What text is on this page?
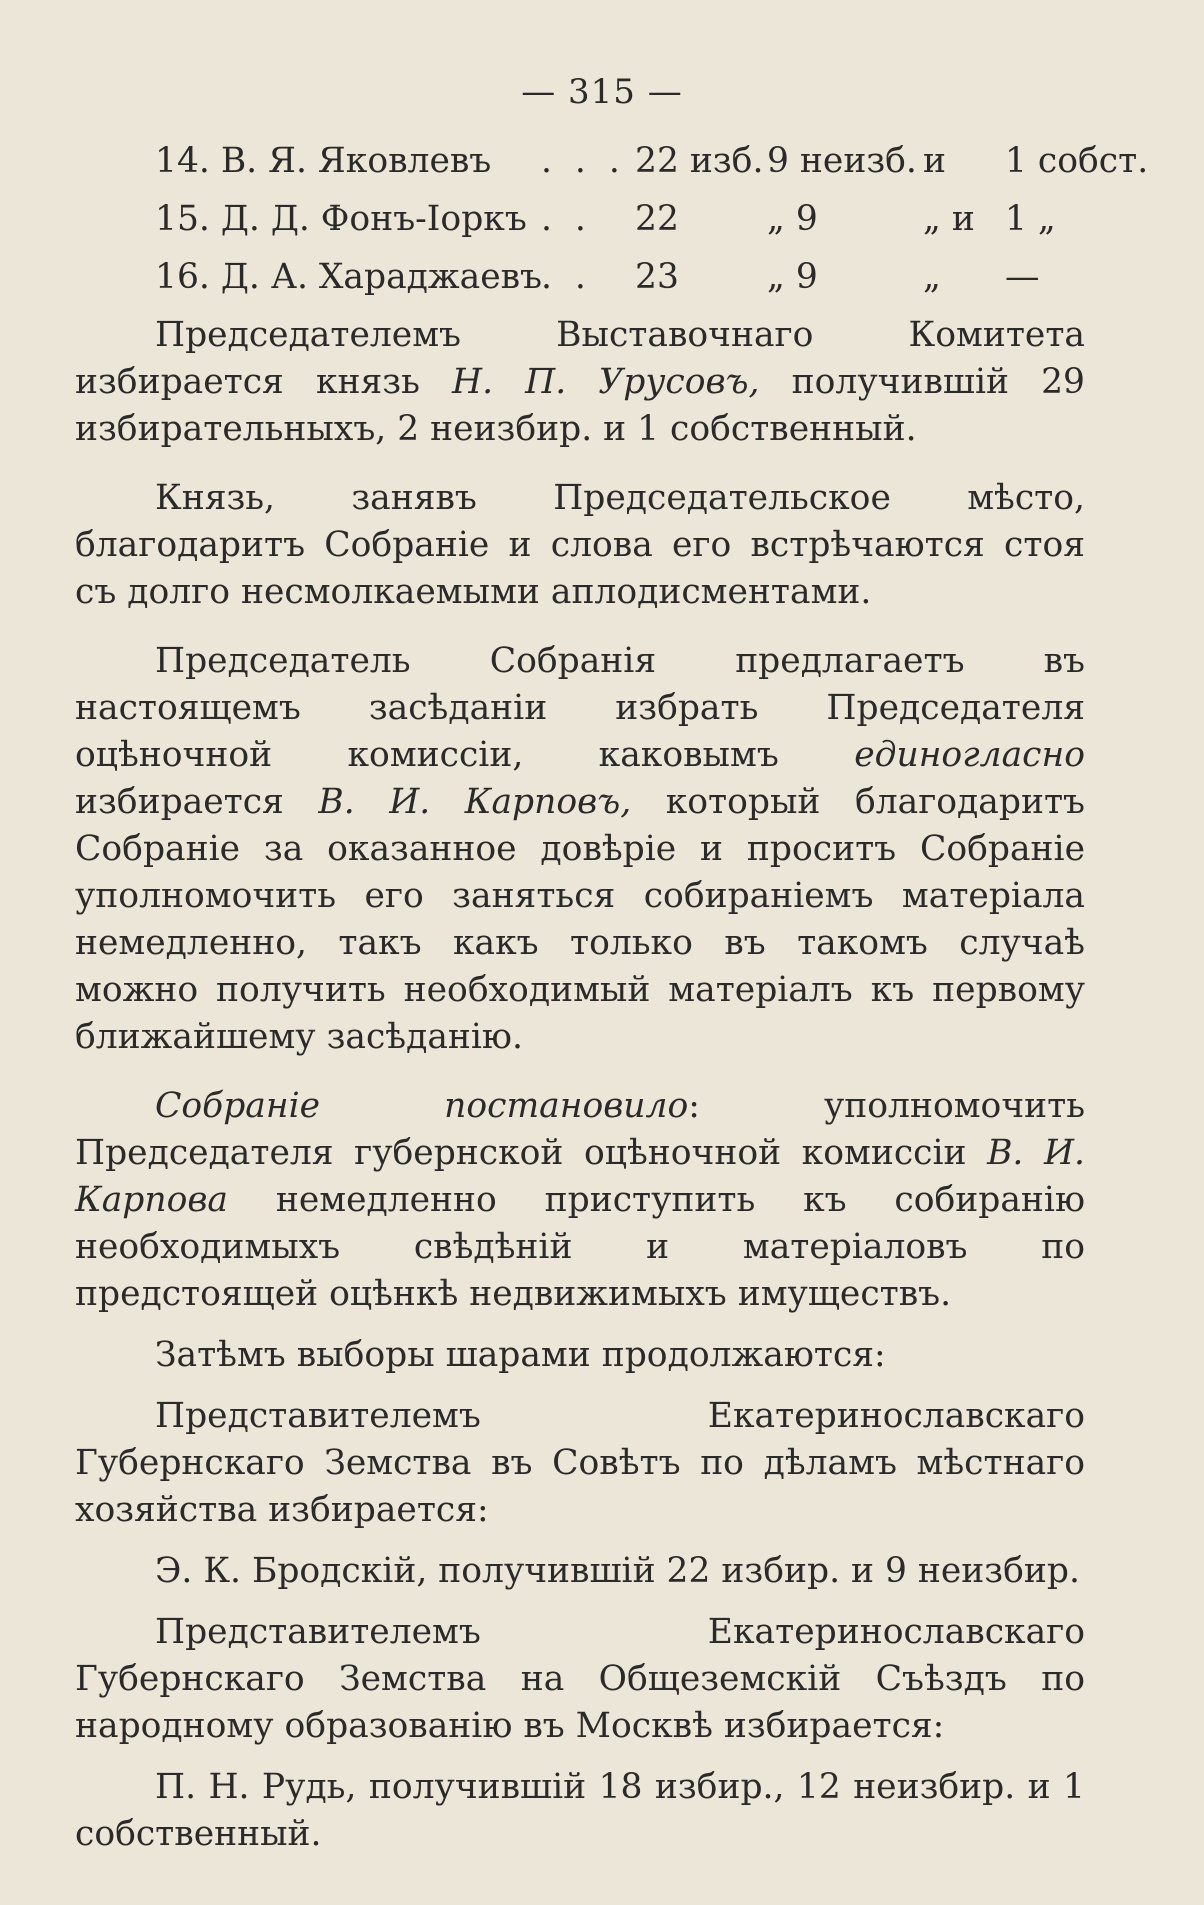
— 315 —
14. В. Я. Яковлевъ . . . 22 изб. 9 неизб. и 1 собст.
15. Д. Д. Фонъ-Іоркъ . . 22	„ 9	„ и 1 „
16. Д. А. Хараджаевъ . . 23	„ 9	„ —

Председателемъ Выставочнаго Комитета избирается князь Н. П. Урусовъ, получившій 29 избирательныхъ, 2 неизбир. и 1 собственный.

Князь, занявъ Председательское мѣсто, благодаритъ Собраніе и слова его встрѣчаются стоя съ долго несмолкаемыми аплодисментами.

Председатель Собранія предлагаетъ въ настоящемъ засѣданіи избрать Председателя оцѣночной комиссіи, каковымъ единогласно избирается В. И. Карповъ, который благодаритъ Собраніе за оказанное довѣріе и проситъ Собраніе уполномочить его заняться собираніемъ матеріала немедленно, такъ какъ только въ такомъ случаѣ можно получить необходимый матеріалъ къ первому ближайшему засѣданію.

Собраніе постановило: уполномочить Председателя губернской оцѣночной комиссіи В. И. Карпова немедленно приступить къ собиранію необходимыхъ свѣдѣній и матеріаловъ по предстоящей оцѣнкѣ недвижимыхъ имуществъ.

Затѣмъ выборы шарами продолжаются:

Представителемъ Екатеринославскаго Губернскаго Земства въ Совѣтъ по дѣламъ мѣстнаго хозяйства избирается:

Э. К. Бродскій, получившій 22 избир. и 9 неизбир.

Представителемъ Екатеринославскаго Губернскаго Земства на Общеземскій Съѣздъ по народному образованію въ Москвѣ избирается:

П. Н. Рудь, получившій 18 избир., 12 неизбир. и 1 собственный.
